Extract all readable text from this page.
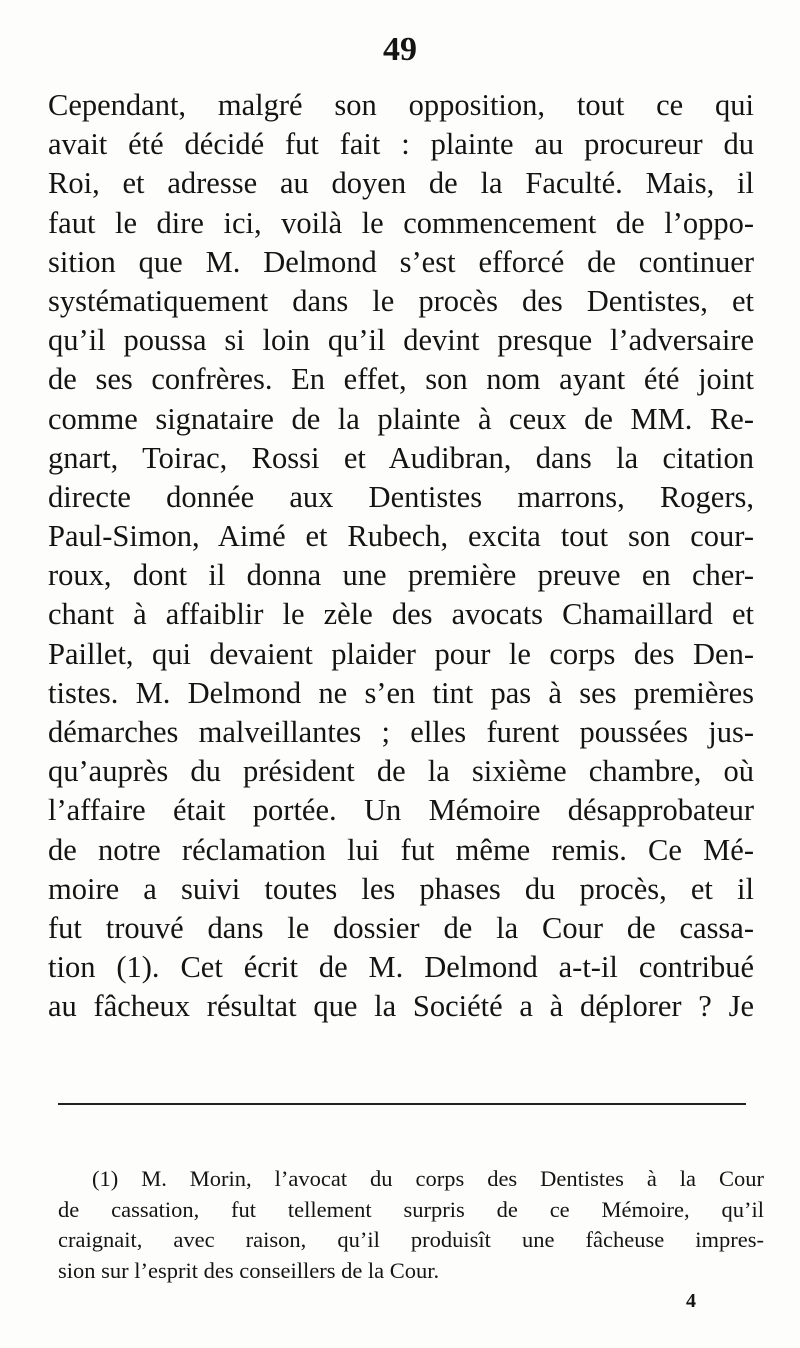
49
Cependant, malgré son opposition, tout ce qui
avait été décidé fut fait : plainte au procureur du
Roi, et adresse au doyen de la Faculté. Mais, il
faut le dire ici, voilà le commencement de l’oppo-
sition que M. Delmond s’est efforcé de continuer
systématiquement dans le procès des Dentistes, et
qu’il poussa si loin qu’il devint presque l’adversaire
de ses confrères. En effet, son nom ayant été joint
comme signataire de la plainte à ceux de MM. Re-
gnart, Toirac, Rossi et Audibran, dans la citation
directe donnée aux Dentistes marrons, Rogers,
Paul-Simon, Aimé et Rubech, excita tout son cour-
roux, dont il donna une première preuve en cher-
chant à affaiblir le zèle des avocats Chamaillard et
Paillet, qui devaient plaider pour le corps des Den-
tistes. M. Delmond ne s’en tint pas à ses premières
démarches malveillantes ; elles furent poussées jus-
qu’auprès du président de la sixième chambre, où
l’affaire était portée. Un Mémoire désapprobateur
de notre réclamation lui fut même remis. Ce Mé-
moire a suivi toutes les phases du procès, et il
fut trouvé dans le dossier de la Cour de cassa-
tion (1). Cet écrit de M. Delmond a-t-il contribué
au fâcheux résultat que la Société a à déplorer ? Je
(1) M. Morin, l’avocat du corps des Dentistes à la Cour
de cassation, fut tellement surpris de ce Mémoire, qu’il
craignait, avec raison, qu’il produisît une fâcheuse impres-
sion sur l’esprit des conseillers de la Cour.
4
